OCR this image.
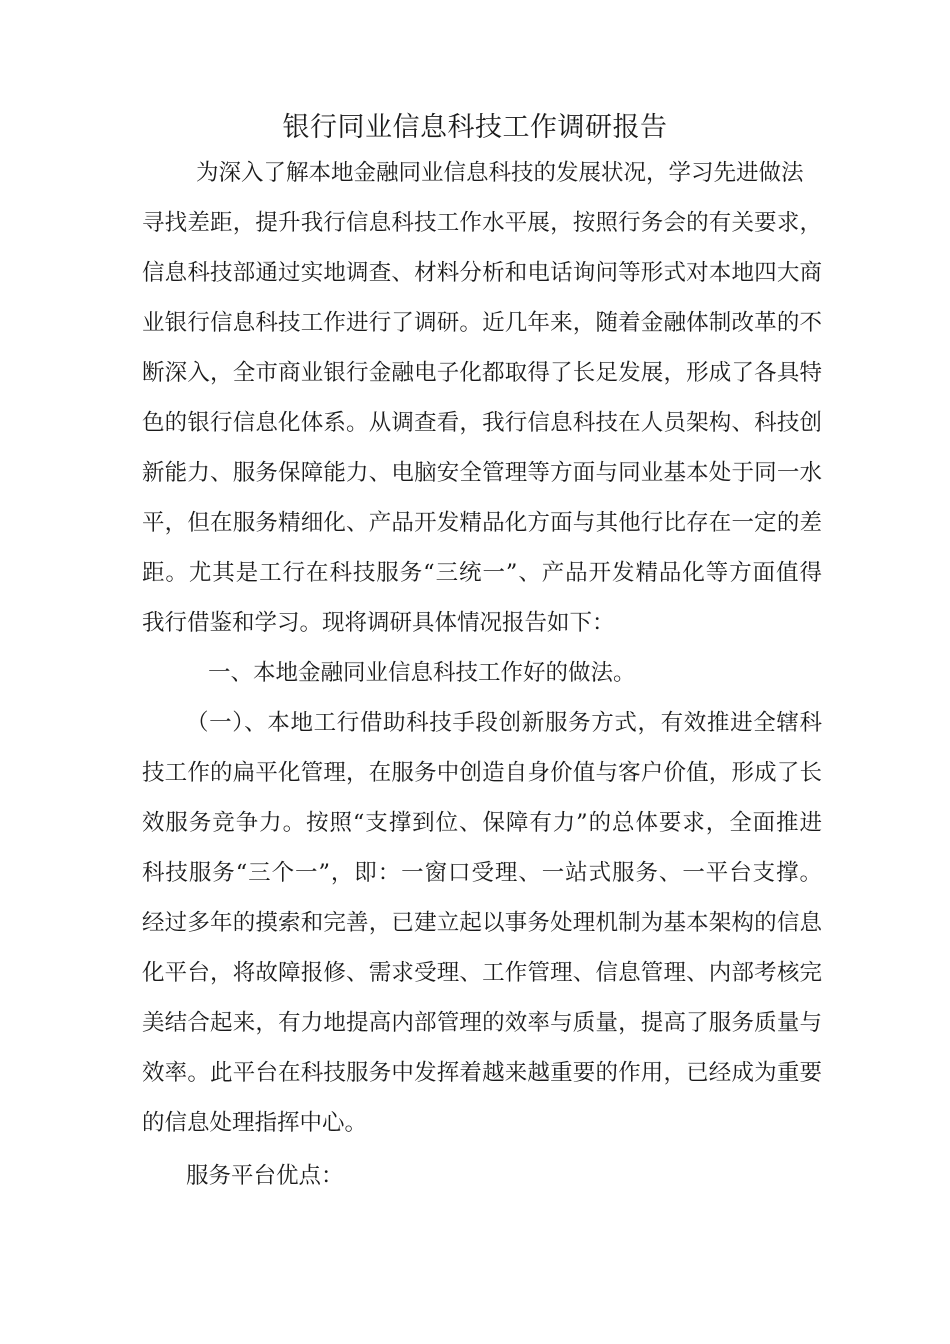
银行同业信息科技工作调研报告
为深入了解本地金融同业信息科技的发展状况，学习先进做法
寻找差距，提升我行信息科技工作水平展，按照行务会的有关要求，
信息科技部通过实地调查、材料分析和电话询问等形式对本地四大商
业银行信息科技工作进行了调研。近几年来，随着金融体制改革的不
断深入，全市商业银行金融电子化都取得了长足发展，形成了各具特
色的银行信息化体系。从调查看，我行信息科技在人员架构、科技创
新能力、服务保障能力、电脑安全管理等方面与同业基本处于同一水
平，但在服务精细化、产品开发精品化方面与其他行比存在一定的差
距。尤其是工行在科技服务“三统一”、产品开发精品化等方面值得
我行借鉴和学习。现将调研具体情况报告如下：
一、本地金融同业信息科技工作好的做法。
（一）、本地工行借助科技手段创新服务方式，有效推进全辖科
技工作的扁平化管理，在服务中创造自身价值与客户价值，形成了长
效服务竞争力。按照“支撑到位、保障有力”的总体要求，全面推进
科技服务“三个一”，即：一窗口受理、一站式服务、一平台支撑。
经过多年的摸索和完善，已建立起以事务处理机制为基本架构的信息
化平台，将故障报修、需求受理、工作管理、信息管理、内部考核完
美结合起来，有力地提高内部管理的效率与质量，提高了服务质量与
效率。此平台在科技服务中发挥着越来越重要的作用，已经成为重要
的信息处理指挥中心。
服务平台优点：
